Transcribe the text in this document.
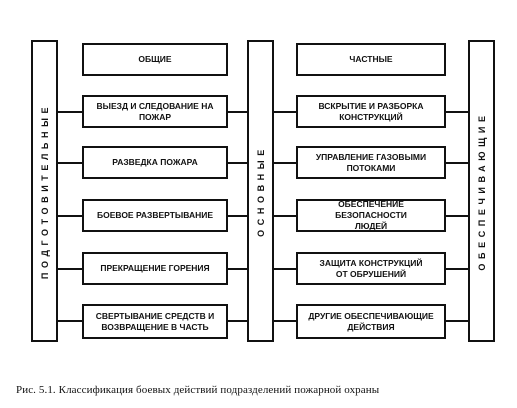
ПОДГОТОВИТЕЛЬНЫЕ	ОСНОВНЫЕ	ОБЕСПЕЧИВАЮЩИЕ
ОБЩИЕ
ВЫЕЗД И СЛЕДОВАНИЕ НА ПОЖАР
РАЗВЕДКА ПОЖАРА
БОЕВОЕ РАЗВЕРТЫВАНИЕ
ПРЕКРАЩЕНИЕ ГОРЕНИЯ
СВЕРТЫВАНИЕ СРЕДСТВ И
ВОЗВРАЩЕНИЕ В ЧАСТЬ
ЧАСТНЫЕ
ВСКРЫТИЕ И РАЗБОРКА
КОНСТРУКЦИЙ
УПРАВЛЕНИЕ ГАЗОВЫМИ
ПОТОКАМИ
ОБЕСПЕЧЕНИЕ БЕЗОПАСНОСТИ
ЛЮДЕЙ
ЗАЩИТА КОНСТРУКЦИЙ
ОТ ОБРУШЕНИЙ
ДРУГИЕ ОБЕСПЕЧИВАЮЩИЕ
ДЕЙСТВИЯ
Рис. 5.1. Классификация боевых действий подразделений пожарной охраны
